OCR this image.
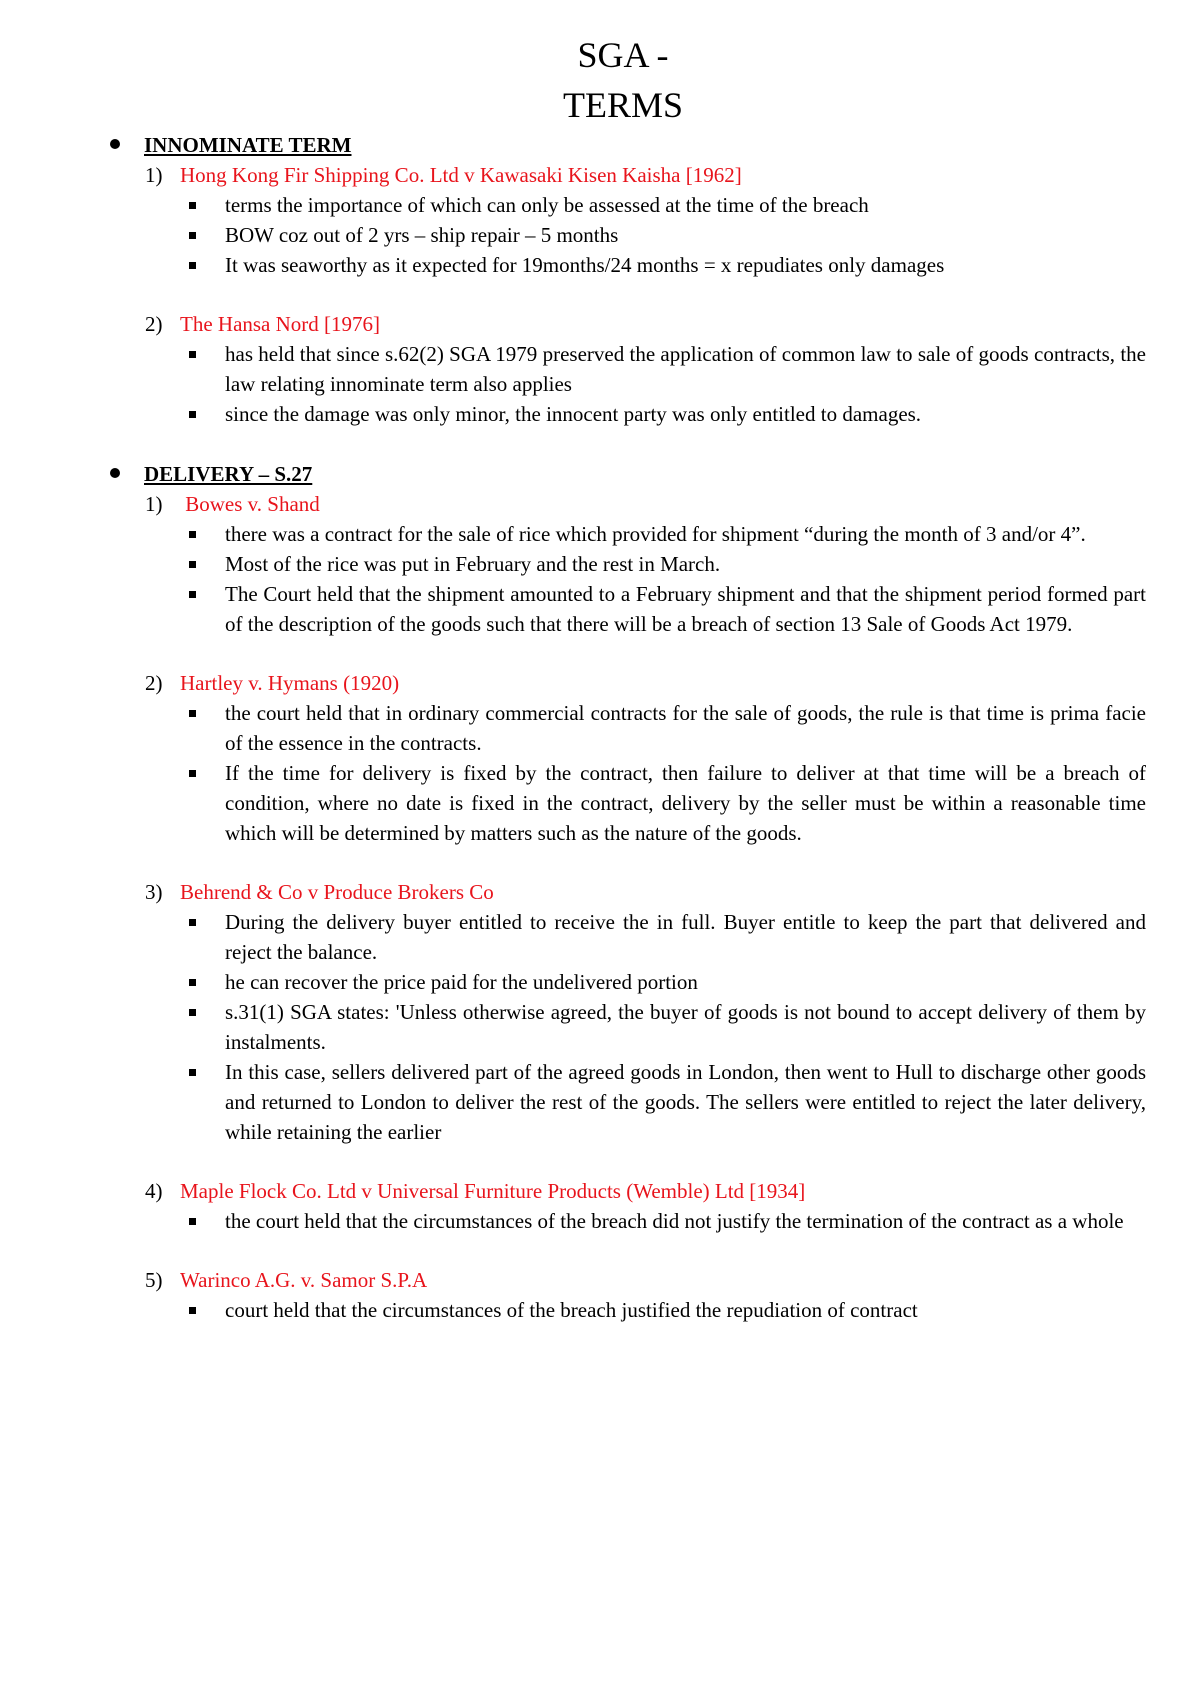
SGA -
TERMS
INNOMINATE TERM
1) Hong Kong Fir Shipping Co. Ltd v Kawasaki Kisen Kaisha [1962]
terms the importance of which can only be assessed at the time of the breach
BOW coz out of 2 yrs – ship repair – 5 months
It was seaworthy as it expected for 19months/24 months = x repudiates only damages
2) The Hansa Nord [1976]
has held that since s.62(2) SGA 1979 preserved the application of common law to sale of goods contracts, the law relating innominate term also applies
since the damage was only minor, the innocent party was only entitled to damages.
DELIVERY – S.27
1) Bowes v. Shand
there was a contract for the sale of rice which provided for shipment “during the month of 3 and/or 4”.
Most of the rice was put in February and the rest in March.
The Court held that the shipment amounted to a February shipment and that the shipment period formed part of the description of the goods such that there will be a breach of section 13 Sale of Goods Act 1979.
2) Hartley v. Hymans (1920)
the court held that in ordinary commercial contracts for the sale of goods, the rule is that time is prima facie of the essence in the contracts.
If the time for delivery is fixed by the contract, then failure to deliver at that time will be a breach of condition, where no date is fixed in the contract, delivery by the seller must be within a reasonable time which will be determined by matters such as the nature of the goods.
3) Behrend & Co v Produce Brokers Co
During the delivery buyer entitled to receive the in full. Buyer entitle to keep the part that delivered and reject the balance.
he can recover the price paid for the undelivered portion
s.31(1) SGA states: 'Unless otherwise agreed, the buyer of goods is not bound to accept delivery of them by instalments.
In this case, sellers delivered part of the agreed goods in London, then went to Hull to discharge other goods and returned to London to deliver the rest of the goods. The sellers were entitled to reject the later delivery, while retaining the earlier
4) Maple Flock Co. Ltd v Universal Furniture Products (Wemble) Ltd [1934]
the court held that the circumstances of the breach did not justify the termination of the contract as a whole
5) Warinco A.G. v. Samor S.P.A
court held that the circumstances of the breach justified the repudiation of contract
